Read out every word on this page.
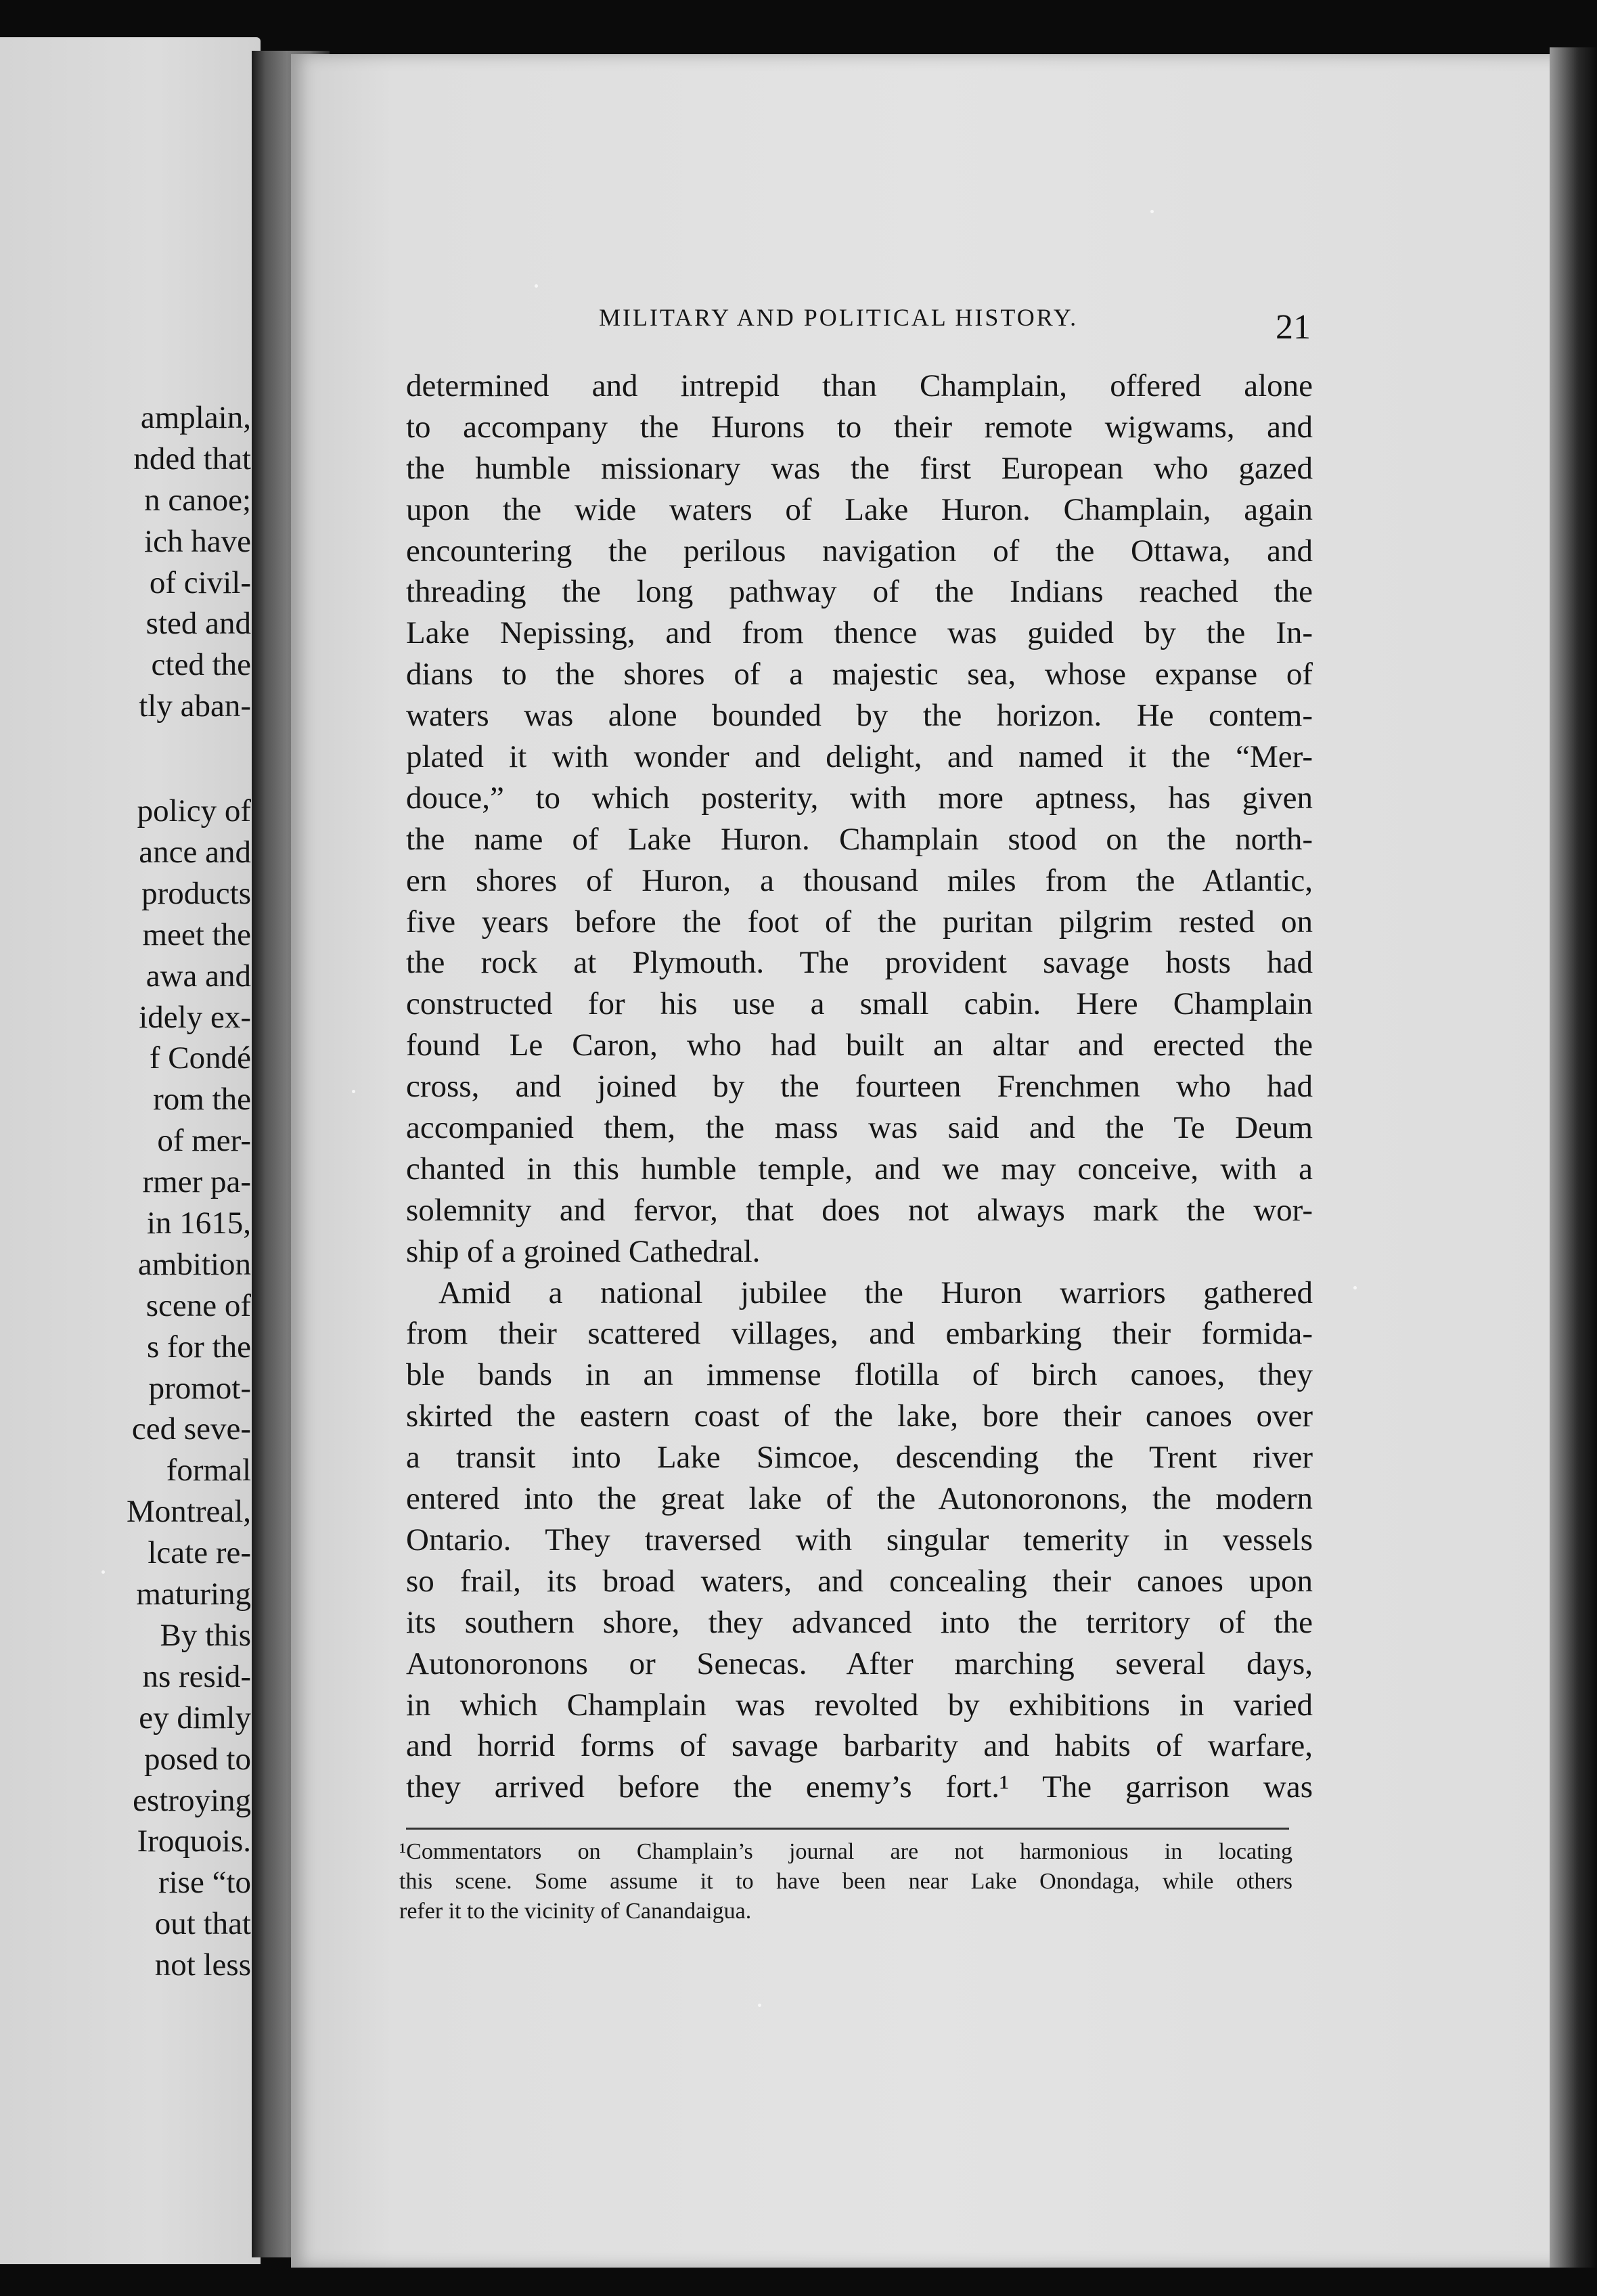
amplain,
nded that
n canoe;
ich have
of civil-
sted and
cted the
tly aban-
policy of
ance and
products
meet the
awa and
idely ex-
f Condé
rom the
of mer-
rmer pa-
in 1615,
ambition
scene of
s for the
promot-
ced seve-
formal
Montreal,
lcate re-
maturing
By this
ns resid-
ey dimly
posed to
estroying
Iroquois.
rise “to
out that
not less
MILITARY AND POLITICAL HISTORY.	21
determined and intrepid than Champlain, offered alone
to accompany the Hurons to their remote wigwams, and
the humble missionary was the first European who gazed
upon the wide waters of Lake Huron. Champlain, again
encountering the perilous navigation of the Ottawa, and
threading the long pathway of the Indians reached the
Lake Nepissing, and from thence was guided by the In-
dians to the shores of a majestic sea, whose expanse of
waters was alone bounded by the horizon. He contem-
plated it with wonder and delight, and named it the “Mer-
douce,” to which posterity, with more aptness, has given
the name of Lake Huron. Champlain stood on the north-
ern shores of Huron, a thousand miles from the Atlantic,
five years before the foot of the puritan pilgrim rested on
the rock at Plymouth. The provident savage hosts had
constructed for his use a small cabin. Here Champlain
found Le Caron, who had built an altar and erected the
cross, and joined by the fourteen Frenchmen who had
accompanied them, the mass was said and the Te Deum
chanted in this humble temple, and we may conceive, with a
solemnity and fervor, that does not always mark the wor-
ship of a groined Cathedral.
Amid a national jubilee the Huron warriors gathered
from their scattered villages, and embarking their formida-
ble bands in an immense flotilla of birch canoes, they
skirted the eastern coast of the lake, bore their canoes over
a transit into Lake Simcoe, descending the Trent river
entered into the great lake of the Autonoronons, the modern
Ontario. They traversed with singular temerity in vessels
so frail, its broad waters, and concealing their canoes upon
its southern shore, they advanced into the territory of the
Autonoronons or Senecas. After marching several days,
in which Champlain was revolted by exhibitions in varied
and horrid forms of savage barbarity and habits of warfare,
they arrived before the enemy’s fort.¹ The garrison was
¹Commentators on Champlain’s journal are not harmonious in locating
this scene. Some assume it to have been near Lake Onondaga, while others
refer it to the vicinity of Canandaigua.
